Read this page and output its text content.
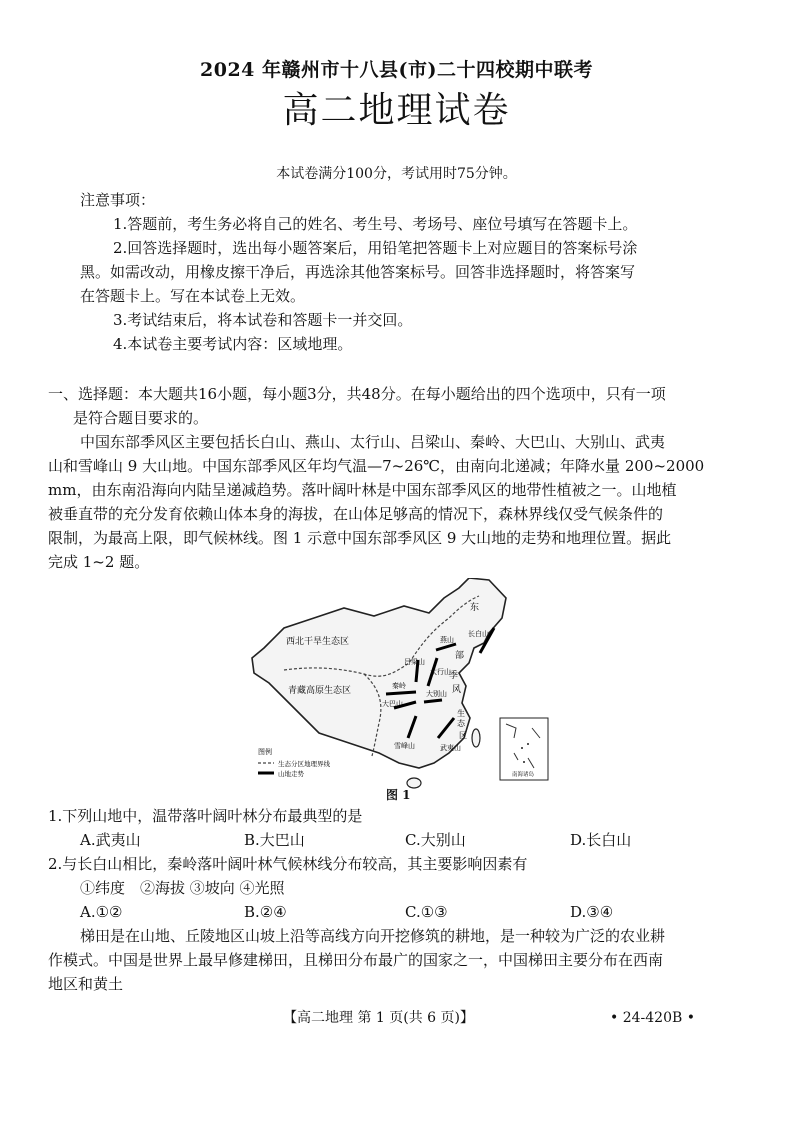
2024 年赣州市十八县(市)二十四校期中联考
高二地理试卷
本试卷满分100分，考试用时75分钟。
注意事项：
1.答题前，考生务必将自己的姓名、考生号、考场号、座位号填写在答题卡上。
2.回答选择题时，选出每小题答案后，用铅笔把答题卡上对应题目的答案标号涂
黑。如需改动，用橡皮擦干净后，再选涂其他答案标号。回答非选择题时，将答案写
在答题卡上。写在本试卷上无效。
3.考试结束后，将本试卷和答题卡一并交回。
4.本试卷主要考试内容：区域地理。
一、选择题：本大题共16小题，每小题3分，共48分。在每小题给出的四个选项中，只有一项
是符合题目要求的。
中国东部季风区主要包括长白山、燕山、太行山、吕梁山、秦岭、大巴山、大别山、武夷
山和雪峰山 9 大山地。中国东部季风区年均气温—7~26℃，由南向北递减；年降水量 200~2000
mm，由东南沿海向内陆呈递减趋势。落叶阔叶林是中国东部季风区的地带性植被之一。山地植
被垂直带的充分发育依赖山体本身的海拔，在山体足够高的情况下，森林界线仅受气候条件的
限制，为最高上限，即气候林线。图 1 示意中国东部季风区 9 大山地的走势和地理位置。据此
完成 1~2 题。
西北干旱生态区
青藏高原生态区
东
部
季
风
区
长白山
燕山
吕梁山
太行山
秦岭
大巴山
大别山
武夷山
雪峰山
生
态
图例
生态分区地理界线
山地走势	南海诸岛
图 1
1.下列山地中，温带落叶阔叶林分布最典型的是
A.武夷山	B.大巴山	C.大别山	D.长白山
2.与长白山相比，秦岭落叶阔叶林气候林线分布较高，其主要影响因素有
①纬度　②海拔 ③坡向 ④光照
A.①②	B.②④	C.①③	D.③④
梯田是在山地、丘陵地区山坡上沿等高线方向开挖修筑的耕地，是一种较为广泛的农业耕
作模式。中国是世界上最早修建梯田，且梯田分布最广的国家之一，中国梯田主要分布在西南
地区和黄土
【高二地理 第 1 页(共 6 页)】	• 24-420B •
